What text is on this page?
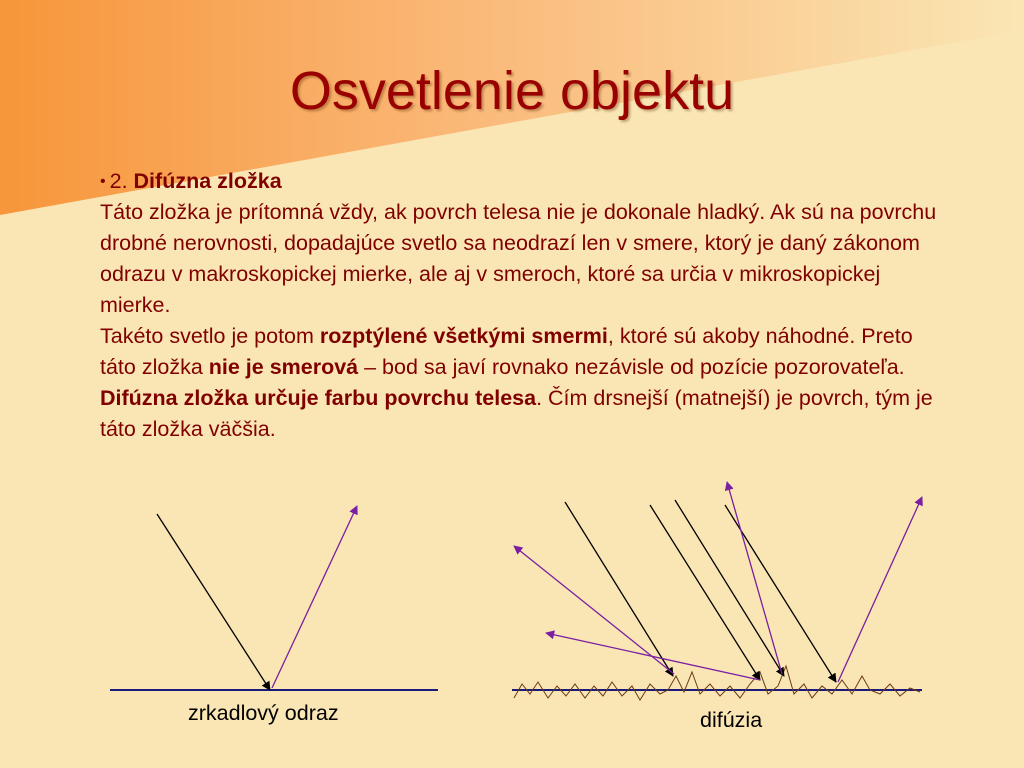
Osvetlenie objektu

• 2. Difúzna zložka

Táto zložka je prítomná vždy, ak povrch telesa nie je dokonale hladký. Ak sú na povrchu drobné nerovnosti, dopadajúce svetlo sa neodrazí len v smere, ktorý je daný zákonom odrazu v makroskopickej mierke, ale aj v smeroch, ktoré sa určia v mikroskopickej mierke.

Takéto svetlo je potom rozptýlené všetkými smermi, ktoré sú akoby náhodné. Preto táto zložka nie je smerová – bod sa javí rovnako nezávisle od pozície pozorovateľa.

Difúzna zložka určuje farbu povrchu telesa. Čím drsnejší (matnejší) je povrch, tým je táto zložka väčšia.

zrkadlový odraz	difúzia
